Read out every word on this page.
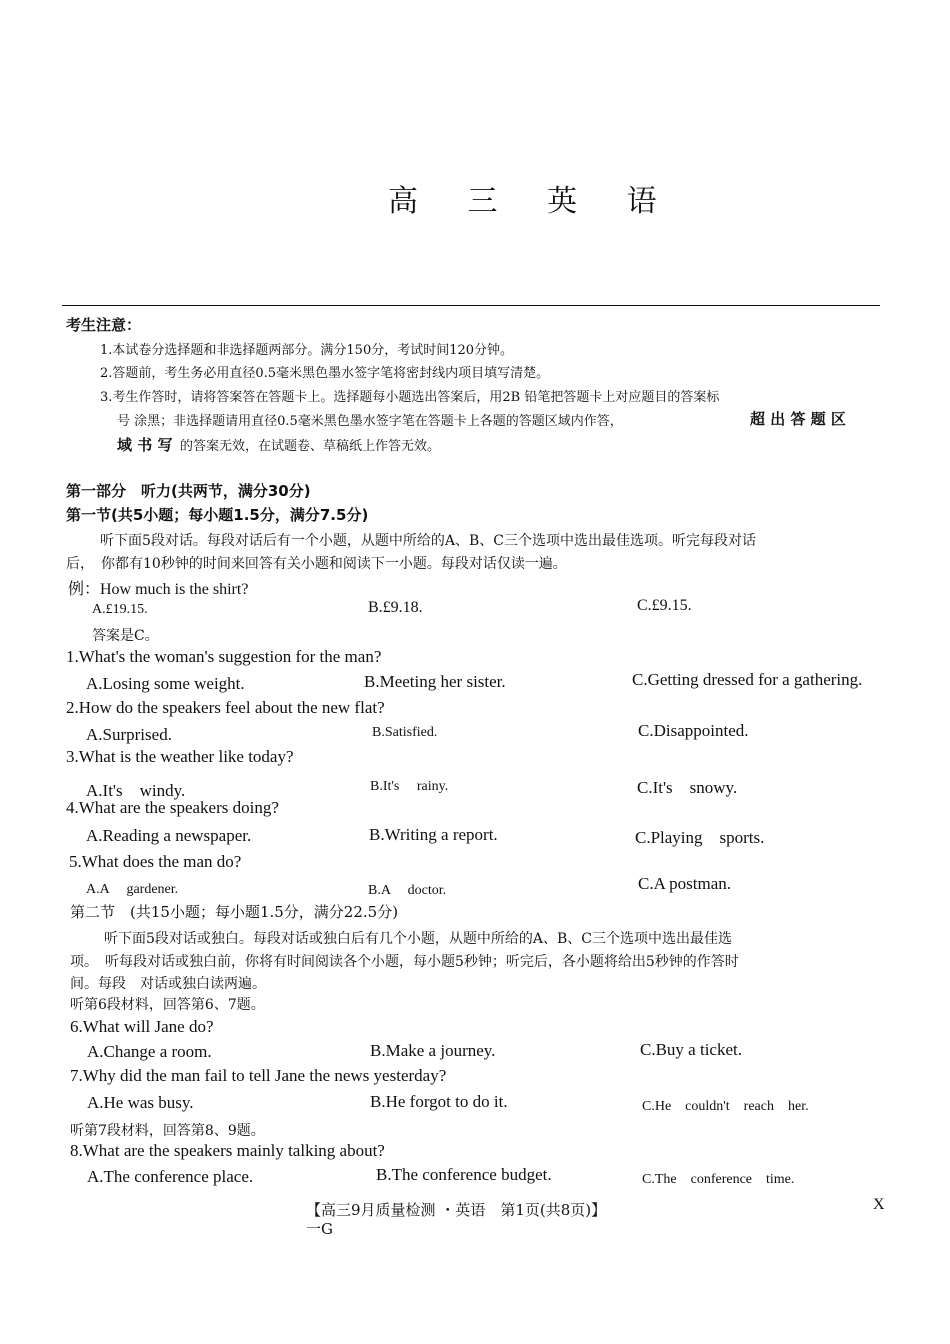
高 三 英 语
考生注意：
1.本试卷分选择题和非选择题两部分。满分150分，考试时间120分钟。
2.答题前，考生务必用直径0.5毫米黑色墨水签字笔将密封线内项目填写清楚。
3.考生作答时，请将答案答在答题卡上。选择题每小题选出答案后，用2B 铅笔把答题卡上对应题目的答案标
号 涂黑；非选择题请用直径0.5毫米黑色墨水签字笔在答题卡上各题的答题区域内作答，	超 出 答 题 区
域 书 写 的答案无效，在试题卷、草稿纸上作答无效。
第一部分　听力(共两节，满分30分)
第一节(共5小题；每小题1.5分，满分7.5分)
听下面5段对话。每段对话后有一个小题，从题中所给的A、B、C三个选项中选出最佳选项。听完每段对话
后，　你都有10秒钟的时间来回答有关小题和阅读下一小题。每段对话仅读一遍。
例：How much is the shirt?
A.£19.15.	B.£9.18.	C.£9.15.
答案是C。
1.What's the woman's suggestion for the man?
A.Losing some weight.	B.Meeting her sister.	C.Getting dressed for a gathering.
2.How do the speakers feel about the new flat?
A.Surprised.	B.Satisfied.	C.Disappointed.
3.What is the weather like today?
A.It's　windy.	B.It's　 rainy.	C.It's　snowy.
4.What are the speakers doing?
A.Reading a newspaper.	B.Writing a report.	C.Playing　sports.
5.What does the man do?
A.A　 gardener.	B.A　 doctor.	C.A postman.
第二节　(共15小题；每小题1.5分，满分22.5分)
听下面5段对话或独白。每段对话或独白后有几个小题，从题中所给的A、B、C三个选项中选出最佳选
项。　听每段对话或独白前，你将有时间阅读各个小题，每小题5秒钟；听完后，各小题将给出5秒钟的作答时
间。每段　对话或独白读两遍。
听第6段材料，回答第6、7题。
6.What will Jane do?
A.Change a room.	B.Make a journey.	C.Buy a ticket.
7.Why did the man fail to tell Jane the news yesterday?
A.He was busy.	B.He forgot to do it.	C.He　couldn't　reach　her.
听第7段材料，回答第8、9题。
8.What are the speakers mainly talking about?
A.The conference place.	B.The conference budget.	C.The　conference　time.
【高三9月质量检测 ・英语　第1页(共8页)】
一G
X
